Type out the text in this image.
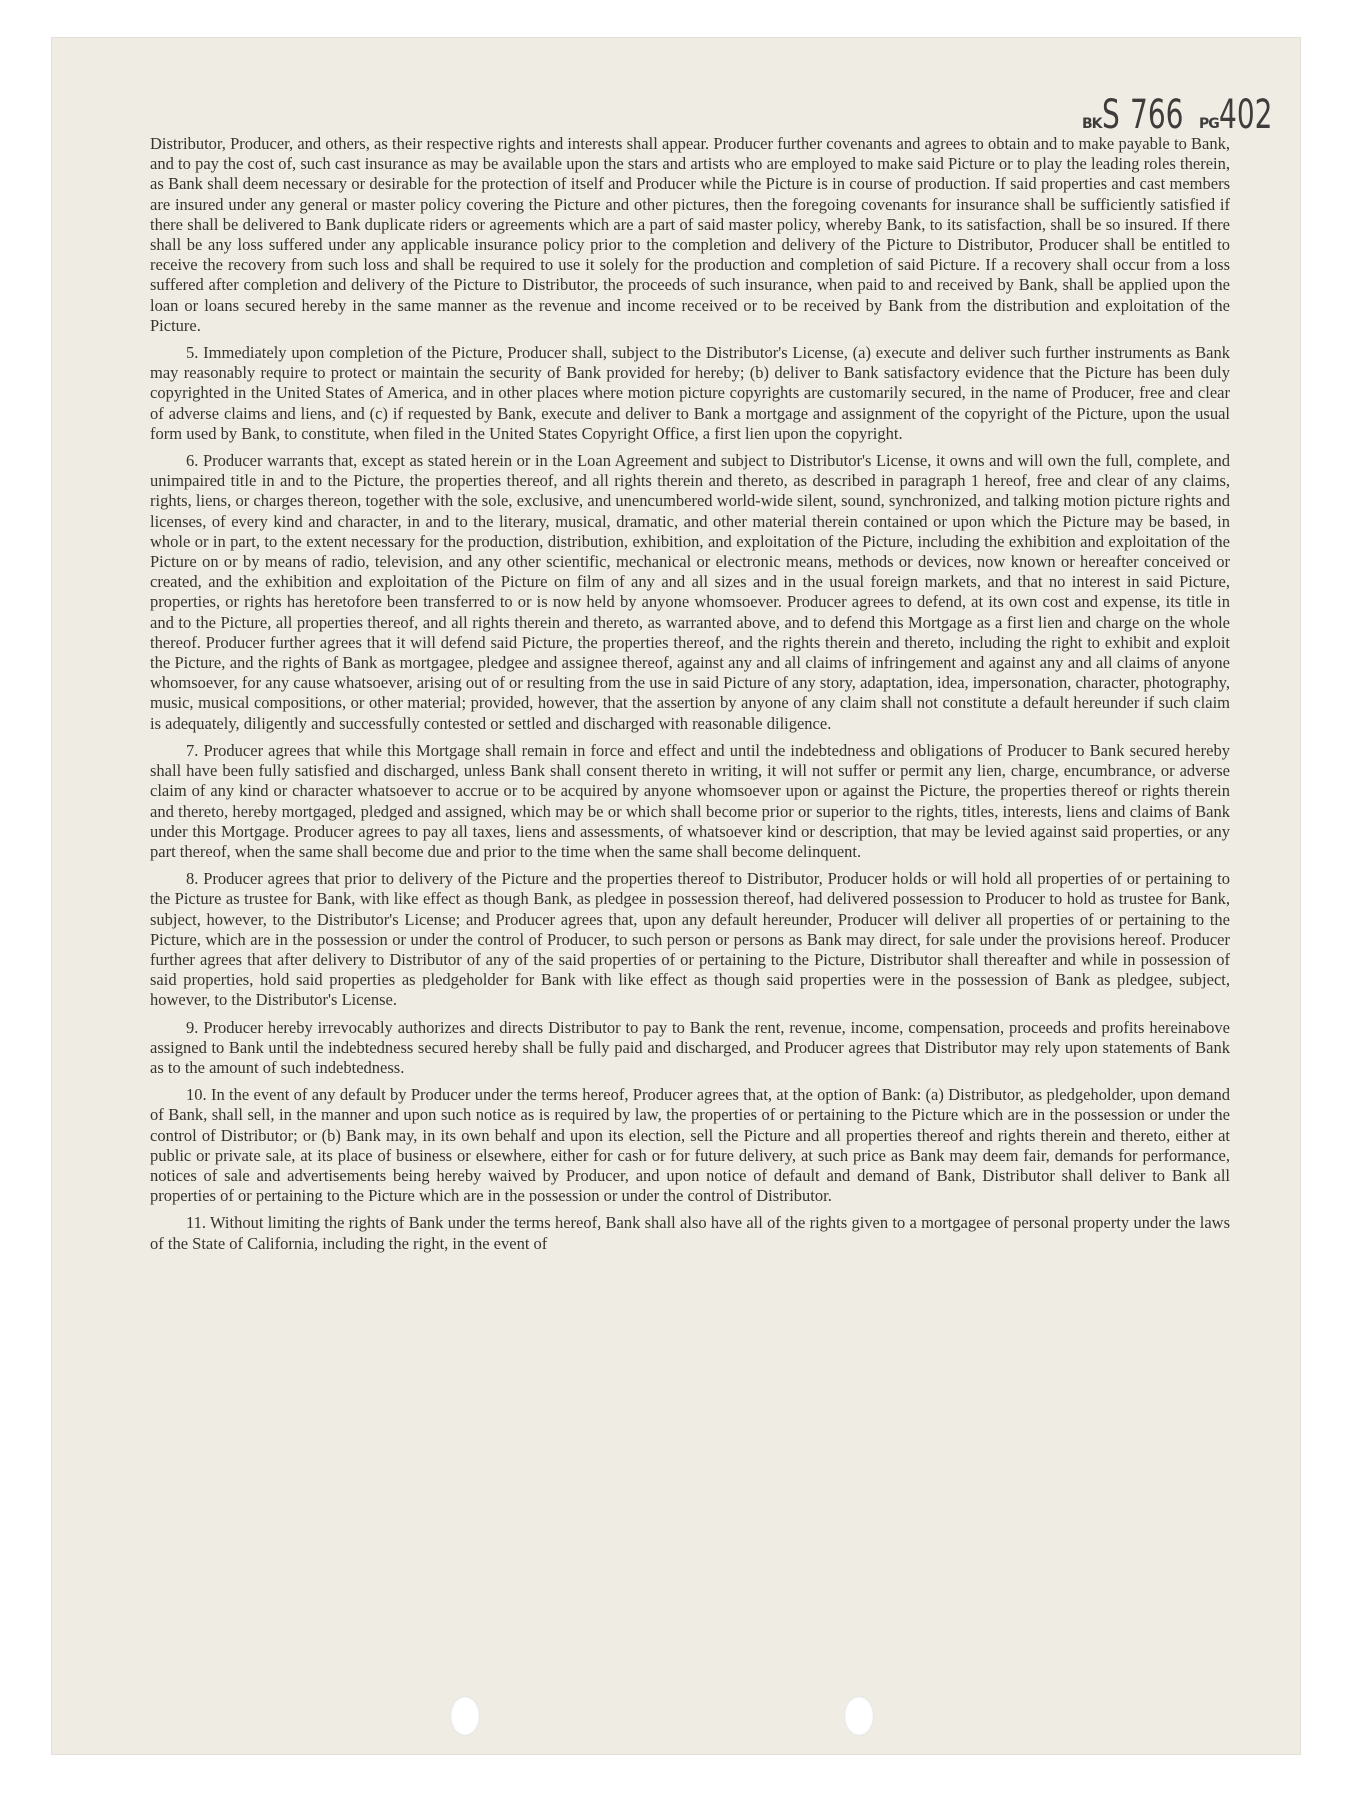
BK S 766 PG 402

Distributor, Producer, and others, as their respective rights and interests shall appear. Producer further covenants and agrees to obtain and to make payable to Bank, and to pay the cost of, such cast insurance as may be available upon the stars and artists who are employed to make said Picture or to play the leading roles therein, as Bank shall deem necessary or desirable for the protection of itself and Producer while the Picture is in course of production. If said properties and cast members are insured under any general or master policy covering the Picture and other pictures, then the foregoing covenants for insurance shall be sufficiently satisfied if there shall be delivered to Bank duplicate riders or agreements which are a part of said master policy, whereby Bank, to its satisfaction, shall be so insured. If there shall be any loss suffered under any applicable insurance policy prior to the completion and delivery of the Picture to Distributor, Producer shall be entitled to receive the recovery from such loss and shall be required to use it solely for the production and completion of said Picture. If a recovery shall occur from a loss suffered after completion and delivery of the Picture to Distributor, the proceeds of such insurance, when paid to and received by Bank, shall be applied upon the loan or loans secured hereby in the same manner as the revenue and income received or to be received by Bank from the distribution and exploitation of the Picture.

5. Immediately upon completion of the Picture, Producer shall, subject to the Distributor's License, (a) execute and deliver such further instruments as Bank may reasonably require to protect or maintain the security of Bank provided for hereby; (b) deliver to Bank satisfactory evidence that the Picture has been duly copyrighted in the United States of America, and in other places where motion picture copyrights are customarily secured, in the name of Producer, free and clear of adverse claims and liens, and (c) if requested by Bank, execute and deliver to Bank a mortgage and assignment of the copyright of the Picture, upon the usual form used by Bank, to constitute, when filed in the United States Copyright Office, a first lien upon the copyright.

6. Producer warrants that, except as stated herein or in the Loan Agreement and subject to Distributor's License, it owns and will own the full, complete, and unimpaired title in and to the Picture, the properties thereof, and all rights therein and thereto, as described in paragraph 1 hereof, free and clear of any claims, rights, liens, or charges thereon, together with the sole, exclusive, and unencumbered world-wide silent, sound, synchronized, and talking motion picture rights and licenses, of every kind and character, in and to the literary, musical, dramatic, and other material therein contained or upon which the Picture may be based, in whole or in part, to the extent necessary for the production, distribution, exhibition, and exploitation of the Picture, including the exhibition and exploitation of the Picture on or by means of radio, television, and any other scientific, mechanical or electronic means, methods or devices, now known or hereafter conceived or created, and the exhibition and exploitation of the Picture on film of any and all sizes and in the usual foreign markets, and that no interest in said Picture, properties, or rights has heretofore been transferred to or is now held by anyone whomsoever. Producer agrees to defend, at its own cost and expense, its title in and to the Picture, all properties thereof, and all rights therein and thereto, as warranted above, and to defend this Mortgage as a first lien and charge on the whole thereof. Producer further agrees that it will defend said Picture, the properties thereof, and the rights therein and thereto, including the right to exhibit and exploit the Picture, and the rights of Bank as mortgagee, pledgee and assignee thereof, against any and all claims of infringement and against any and all claims of anyone whomsoever, for any cause whatsoever, arising out of or resulting from the use in said Picture of any story, adaptation, idea, impersonation, character, photography, music, musical compositions, or other material; provided, however, that the assertion by anyone of any claim shall not constitute a default hereunder if such claim is adequately, diligently and successfully contested or settled and discharged with reasonable diligence.

7. Producer agrees that while this Mortgage shall remain in force and effect and until the indebtedness and obligations of Producer to Bank secured hereby shall have been fully satisfied and discharged, unless Bank shall consent thereto in writing, it will not suffer or permit any lien, charge, encumbrance, or adverse claim of any kind or character whatsoever to accrue or to be acquired by anyone whomsoever upon or against the Picture, the properties thereof or rights therein and thereto, hereby mortgaged, pledged and assigned, which may be or which shall become prior or superior to the rights, titles, interests, liens and claims of Bank under this Mortgage. Producer agrees to pay all taxes, liens and assessments, of whatsoever kind or description, that may be levied against said properties, or any part thereof, when the same shall become due and prior to the time when the same shall become delinquent.

8. Producer agrees that prior to delivery of the Picture and the properties thereof to Distributor, Producer holds or will hold all properties of or pertaining to the Picture as trustee for Bank, with like effect as though Bank, as pledgee in possession thereof, had delivered possession to Producer to hold as trustee for Bank, subject, however, to the Distributor's License; and Producer agrees that, upon any default hereunder, Producer will deliver all properties of or pertaining to the Picture, which are in the possession or under the control of Producer, to such person or persons as Bank may direct, for sale under the provisions hereof. Producer further agrees that after delivery to Distributor of any of the said properties of or pertaining to the Picture, Distributor shall thereafter and while in possession of said properties, hold said properties as pledgeholder for Bank with like effect as though said properties were in the possession of Bank as pledgee, subject, however, to the Distributor's License.

9. Producer hereby irrevocably authorizes and directs Distributor to pay to Bank the rent, revenue, income, compensation, proceeds and profits hereinabove assigned to Bank until the indebtedness secured hereby shall be fully paid and discharged, and Producer agrees that Distributor may rely upon statements of Bank as to the amount of such indebtedness.

10. In the event of any default by Producer under the terms hereof, Producer agrees that, at the option of Bank: (a) Distributor, as pledgeholder, upon demand of Bank, shall sell, in the manner and upon such notice as is required by law, the properties of or pertaining to the Picture which are in the possession or under the control of Distributor; or (b) Bank may, in its own behalf and upon its election, sell the Picture and all properties thereof and rights therein and thereto, either at public or private sale, at its place of business or elsewhere, either for cash or for future delivery, at such price as Bank may deem fair, demands for performance, notices of sale and advertisements being hereby waived by Producer, and upon notice of default and demand of Bank, Distributor shall deliver to Bank all properties of or pertaining to the Picture which are in the possession or under the control of Distributor.

11. Without limiting the rights of Bank under the terms hereof, Bank shall also have all of the rights given to a mortgagee of personal property under the laws of the State of California, including the right, in the event of
